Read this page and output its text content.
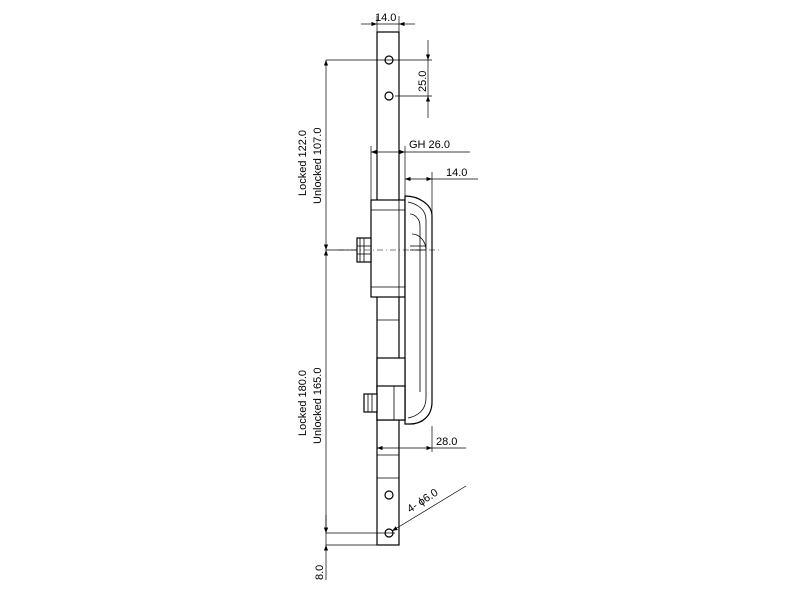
14.0
25.0
GH 26.0
14.0
Locked 122.0 Unlocked 107.0
Locked 180.0 Unlocked 165.0	28.0
4- ϕ6.0
8.0
